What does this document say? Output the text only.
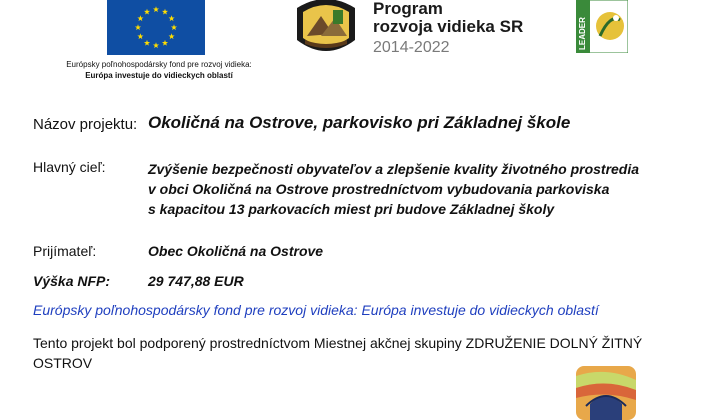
Európsky poľnohospodársky fond pre rozvoj vidieka:
Európa investuje do vidieckych oblastí
Program
rozvoja vidieka SR
2014-2022	LEADER
Názov projektu: Okoličná na Ostrove, parkovisko pri Základnej škole
Hlavný cieľ:	Zvýšenie bezpečnosti obyvateľov a zlepšenie kvality životného prostredia
v obci Okoličná na Ostrove prostredníctvom vybudovania parkoviska
s kapacitou 13 parkovacích miest pri budove Základnej školy
Prijímateľ:	Obec Okoličná na Ostrove
Výška NFP:	29 747,88 EUR
Európsky poľnohospodársky fond pre rozvoj vidieka: Európa investuje do vidieckych oblastí
Tento projekt bol podporený prostredníctvom Miestnej akčnej skupiny ZDRUŽENIE DOLNÝ ŽITNÝ OSTROV
